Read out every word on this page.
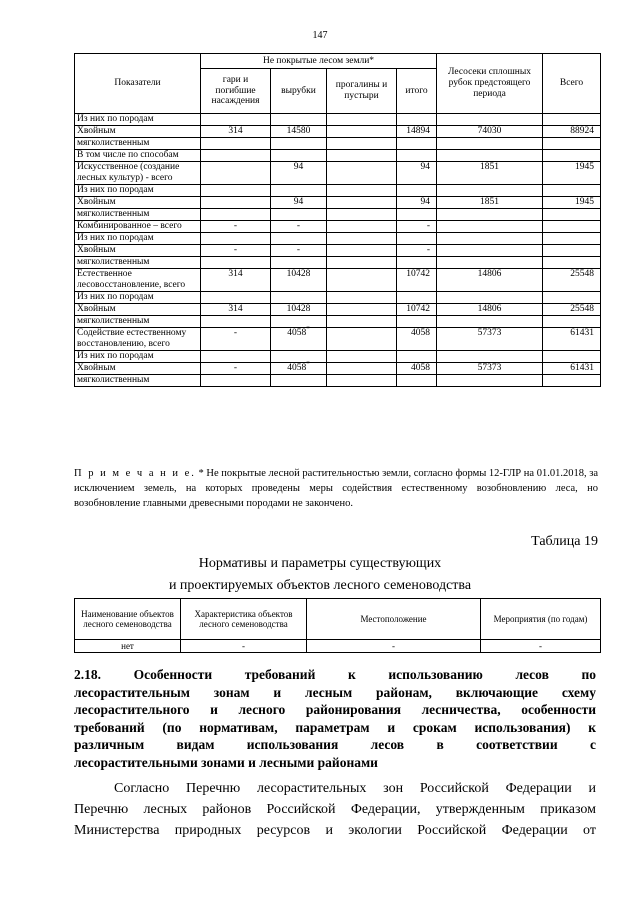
147
Показатели	Не покрытые лесом земли*				Лесосеки сплошных рубок предстоящего периода	Всего
	гари и погибшие насаждения	вырубки	прогалины и пустыри	итого		
Из них по породам						
Хвойным	314	14580		14894	74030	88924
мягколиственным						
В том числе по способам						
Искусственное (создание лесных культур) - всего		94		94	1851	1945
Из них по породам						
Хвойным		94		94	1851	1945
мягколиственным						
Комбинированное – всего	-	-		-		
Из них по породам						
Хвойным	-	-		-		
мягколиственным						
Естественное лесовосстановление, всего	314	10428		10742	14806	25548
Из них по породам						
Хвойным	314	10428		10742	14806	25548
мягколиственным						
Содействие естественному восстановлению, всего	-	4058*		4058	57373	61431
Из них по породам						
Хвойным	-	4058*		4058	57373	61431
мягколиственным						
П р и м е ч а н и е. * Не покрытые лесной растительностью земли, согласно формы 12-ГЛР на 01.01.2018, за исключением земель, на которых проведены меры содействия естественному возобновлению леса, но возобновление главными древесными породами не закончено.
Таблица 19
Нормативы и параметры существующих
и проектируемых объектов лесного семеноводства
Наименование объектов лесного семеноводства	Характеристика объектов лесного семеноводства	Местоположение	Мероприятия (по годам)
нет	-	-	-
2.18. Особенности требований к использованию лесов по
лесорастительным зонам и лесным районам, включающие схему
лесорастительного и лесного районирования лесничества, особенности
требований (по нормативам, параметрам и срокам использования) к
различным видам использования лесов в соответствии с
лесорастительными зонами и лесными районами
Согласно Перечню лесорастительных зон Российской Федерации и
Перечню лесных районов Российской Федерации, утвержденным приказом
Министерства природных ресурсов и экологии Российской Федерации от
